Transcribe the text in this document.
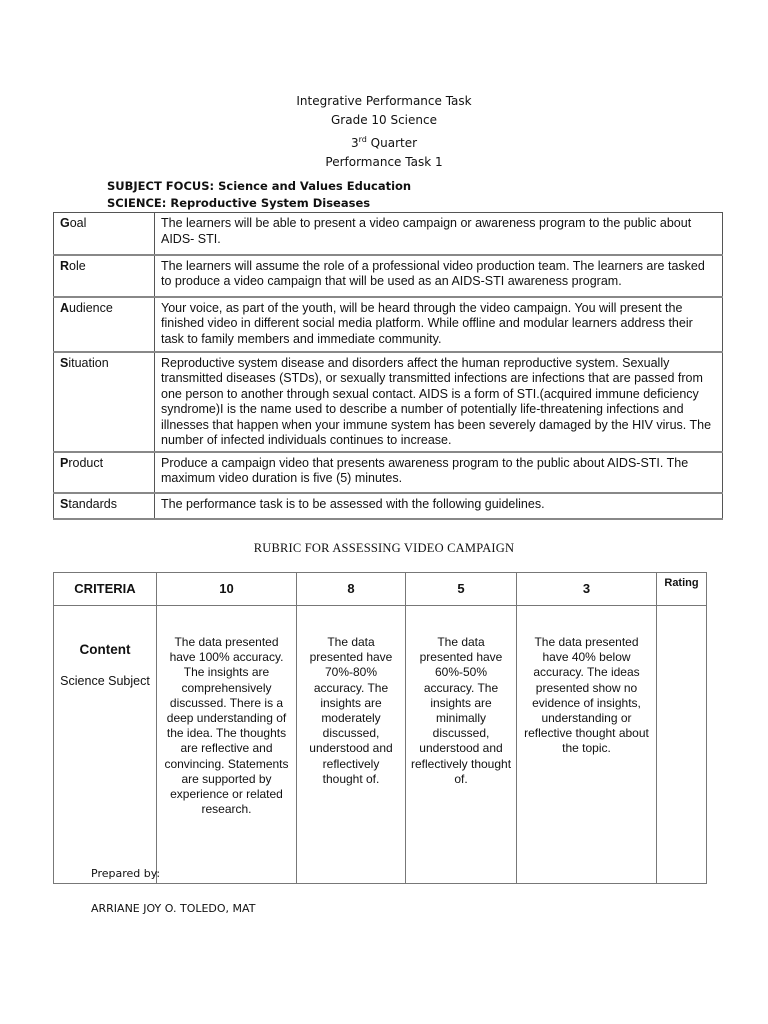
Integrative Performance Task
Grade 10 Science
3rd Quarter
Performance Task 1
SUBJECT FOCUS: Science and Values Education
SCIENCE: Reproductive System Diseases
Goal	The learners will be able to present a video campaign or awareness program to the public about AIDS- STI.
Role	The learners will assume the role of a professional video production team. The learners are tasked to produce a video campaign that will be used as an AIDS-STI awareness program.
Audience	Your voice, as part of the youth, will be heard through the video campaign. You will present the finished video in different social media platform. While offline and modular learners address their task to family members and immediate community.
Situation	Reproductive system disease and disorders affect the human reproductive system. Sexually transmitted diseases (STDs), or sexually transmitted infections are infections that are passed from one person to another through sexual contact. AIDS is a form of STI.(acquired immune deficiency syndrome)I is the name used to describe a number of potentially life-threatening infections and illnesses that happen when your immune system has been severely damaged by the HIV virus. The number of infected individuals continues to increase.
Product	Produce a campaign video that presents awareness program to the public about AIDS-STI. The maximum video duration is five (5) minutes.
Standards	The performance task is to be assessed with the following guidelines.
RUBRIC FOR ASSESSING VIDEO CAMPAIGN
CRITERIA	10	8	5	3	Rating

Content
Science Subject	The data presented have 100% accuracy. The insights are comprehensively discussed. There is a deep understanding of the idea. The thoughts are reflective and convincing. Statements are supported by experience or related research.	The data presented have 70%-80% accuracy. The insights are moderately discussed, understood and reflectively thought of.	The data presented have 60%-50% accuracy. The insights are minimally discussed, understood and reflectively thought of.	The data presented have 40% below accuracy. The ideas presented show no evidence of insights, understanding or reflective thought about the topic.	
Prepared by:
ARRIANE JOY O. TOLEDO, MAT
